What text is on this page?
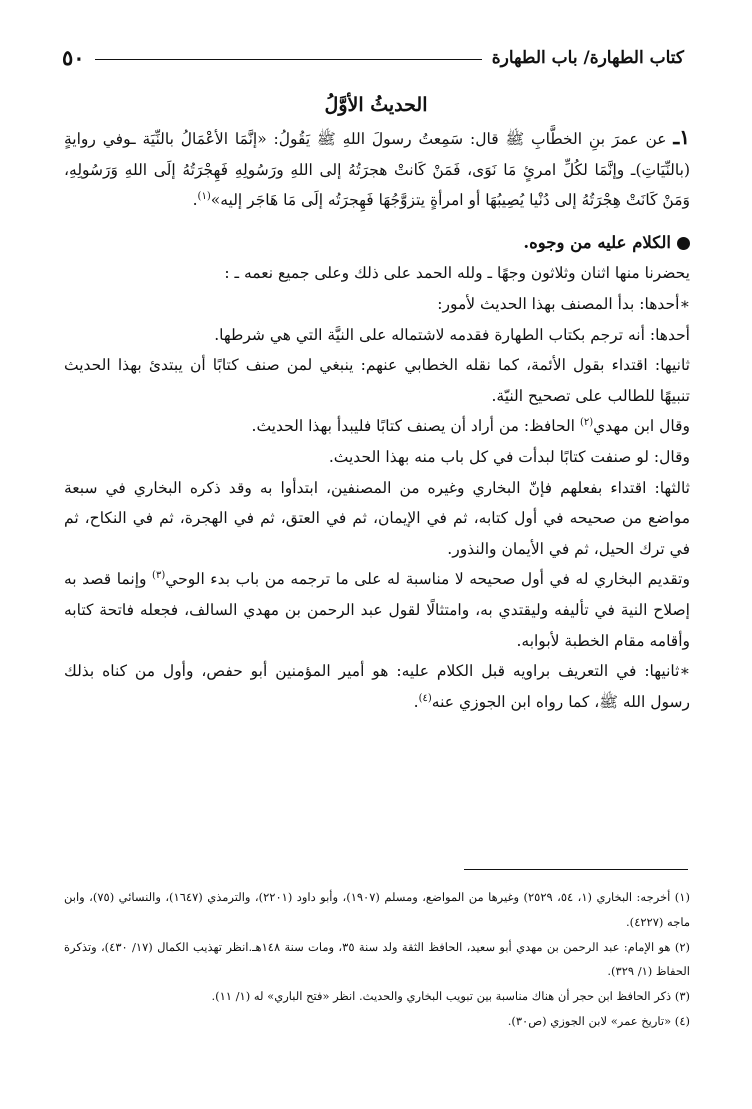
كتاب الطهارة/ باب الطهارة
٥٠
الحديثُ الأوَّلُ

١ـ عن عمرَ بنِ الخطَّابِ ﷺ قال: سَمِعتُ رسولَ اللهِ ﷺ يَقُولُ: «إنَّمَا الأعْمَالُ بالنِّيَة ـوفي روايةٍ (بالنِّيَاتِ)ـ وإنَّمَا لكُلِّ امرئٍ مَا نَوَى، فَمَنْ كَانتْ هجرَتُهُ إلى اللهِ ورَسُولِهِ فَهِجْرَتُهُ إلَى اللهِ وَرَسُولِهِ، وَمَنْ كَانَتْ هِجْرَتُهُ إلى دُنْيا يُصِيبُهَا أو امرأةٍ يتزوَّجُهَا فَهِجرَتُه إلَى مَا هَاجَر إليه»$^{(١)}$.

الكلام عليه من وجوه.

يحضرنا منها اثنان وثلاثون وجهًا ـ ولله الحمد على ذلك وعلى جميع نعمه ـ :

∗أحدها: بدأ المصنف بهذا الحديث لأمور:

أحدها: أنه ترجم بكتاب الطهارة فقدمه لاشتماله على النيَّة التي هي شرطها.

ثانيها: اقتداء بقول الأئمة، كما نقله الخطابي عنهم: ينبغي لمن صنف كتابًا أن يبتدئ بهذا الحديث تنبيهًا للطالب على تصحيح النيّة.

وقال ابن مهدي$^{(٢)}$ الحافظ: من أراد أن يصنف كتابًا فليبدأ بهذا الحديث.

وقال: لو صنفت كتابًا لبدأت في كل باب منه بهذا الحديث.

ثالثها: اقتداء بفعلهم فإنّ البخاري وغيره من المصنفين، ابتدأوا به وقد ذكره البخاري في سبعة مواضع من صحيحه في أول كتابه، ثم في الإيمان، ثم في العتق، ثم في الهجرة، ثم في النكاح، ثم في ترك الحيل، ثم في الأيمان والنذور.

وتقديم البخاري له في أول صحيحه لا مناسبة له على ما ترجمه من باب بدء الوحي$^{(٣)}$ وإنما قصد به إصلاح النية في تأليفه وليقتدي به، وامتثالًا لقول عبد الرحمن بن مهدي السالف، فجعله فاتحة كتابه وأقامه مقام الخطبة لأبوابه.

∗ثانيها: في التعريف براويه قبل الكلام عليه: هو أمير المؤمنين أبو حفص، وأول من كناه بذلك رسول الله ﷺ، كما رواه ابن الجوزي عنه$^{(٤)}$.

(١) أخرجه: البخاري (١، ٥٤، ٢٥٢٩) وغيرها من المواضع، ومسلم (١٩٠٧)، وأبو داود (٢٢٠١)، والترمذي (١٦٤٧)، والنسائي (٧٥)، وابن ماجه (٤٢٢٧).

(٢) هو الإمام: عبد الرحمن بن مهدي أبو سعيد، الحافظ الثقة ولد سنة ٣٥، ومات سنة ١٤٨هـ.انظر تهذيب الكمال (١٧/ ٤٣٠)، وتذكرة الحفاظ (١/ ٣٢٩).

(٣) ذكر الحافظ ابن حجر أن هناك مناسبة بين تبويب البخاري والحديث. انظر «فتح الباري» له (١/ ١١).

(٤) «تاريخ عمر» لابن الجوزي (ص٣٠).
